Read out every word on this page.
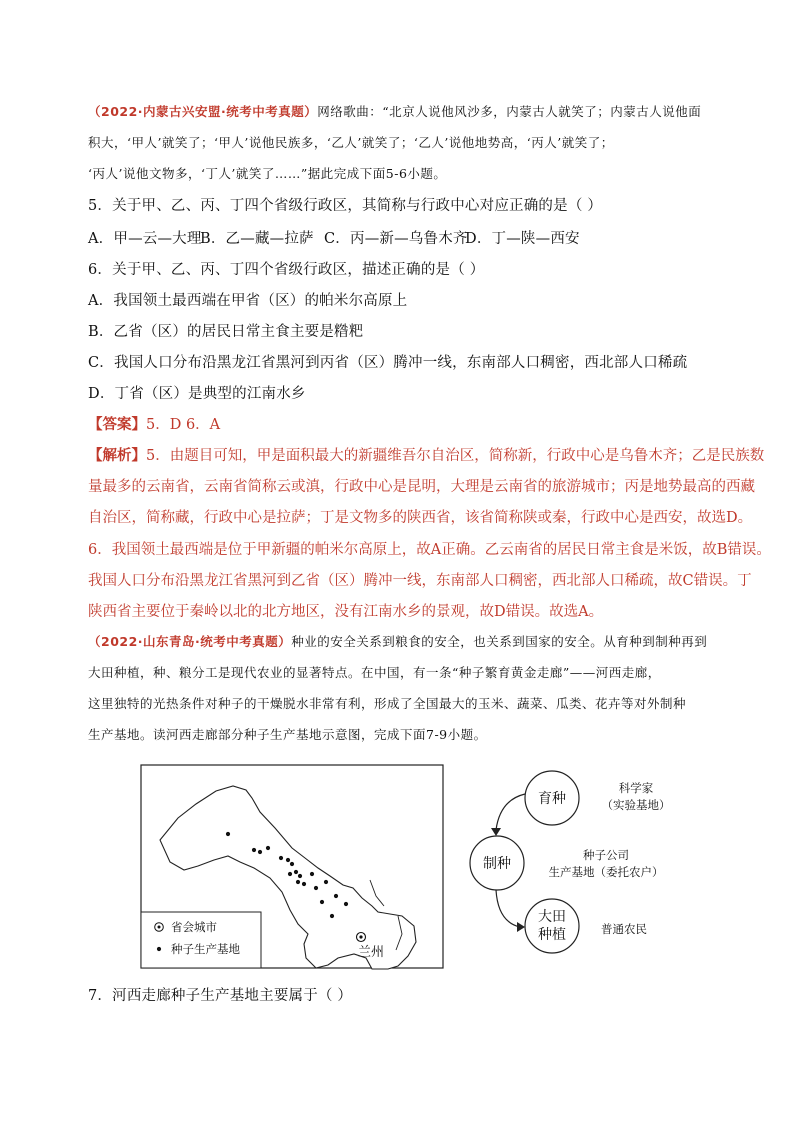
（2022·内蒙古兴安盟·统考中考真题）网络歌曲：“北京人说他风沙多，内蒙古人就笑了；内蒙古人说他面
积大，‘甲人’就笑了；‘甲人’说他民族多，‘乙人’就笑了；‘乙人’说他地势高，‘丙人’就笑了；
‘丙人’说他文物多，‘丁人’就笑了……”据此完成下面5-6小题。
5．关于甲、乙、丙、丁四个省级行政区，其简称与行政中心对应正确的是（ ）
A．甲—云—大理B．乙—藏—拉萨 C．丙—新—乌鲁木齐D．丁—陕—西安
6．关于甲、乙、丙、丁四个省级行政区，描述正确的是（ ）
A．我国领土最西端在甲省（区）的帕米尔高原上
B．乙省（区）的居民日常主食主要是糌粑
C．我国人口分布沿黑龙江省黑河到丙省（区）腾冲一线，东南部人口稠密，西北部人口稀疏
D．丁省（区）是典型的江南水乡
【答案】5．D 6．A
【解析】5．由题目可知，甲是面积最大的新疆维吾尔自治区，简称新，行政中心是乌鲁木齐；乙是民族数
量最多的云南省，云南省简称云或滇，行政中心是昆明，大理是云南省的旅游城市；丙是地势最高的西藏
自治区，简称藏，行政中心是拉萨；丁是文物多的陕西省，该省简称陕或秦，行政中心是西安，故选D。
6．我国领土最西端是位于甲新疆的帕米尔高原上，故A正确。乙云南省的居民日常主食是米饭，故B错误。
我国人口分布沿黑龙江省黑河到乙省（区）腾冲一线，东南部人口稠密，西北部人口稀疏，故C错误。丁
陕西省主要位于秦岭以北的北方地区，没有江南水乡的景观，故D错误。故选A。
（2022·山东青岛·统考中考真题）种业的安全关系到粮食的安全，也关系到国家的安全。从育种到制种再到
大田种植，种、粮分工是现代农业的显著特点。在中国，有一条“种子繁育黄金走廊”——河西走廊，
这里独特的光热条件对种子的干燥脱水非常有利，形成了全国最大的玉米、蔬菜、瓜类、花卉等对外制种
生产基地。读河西走廊部分种子生产基地示意图，完成下面7-9小题。
兰州
省会城市
种子生产基地
育种
制种
大田
种植
科学家
（实验基地）
种子公司
生产基地（委托农户）
普通农民
7．河西走廊种子生产基地主要属于（ ）
